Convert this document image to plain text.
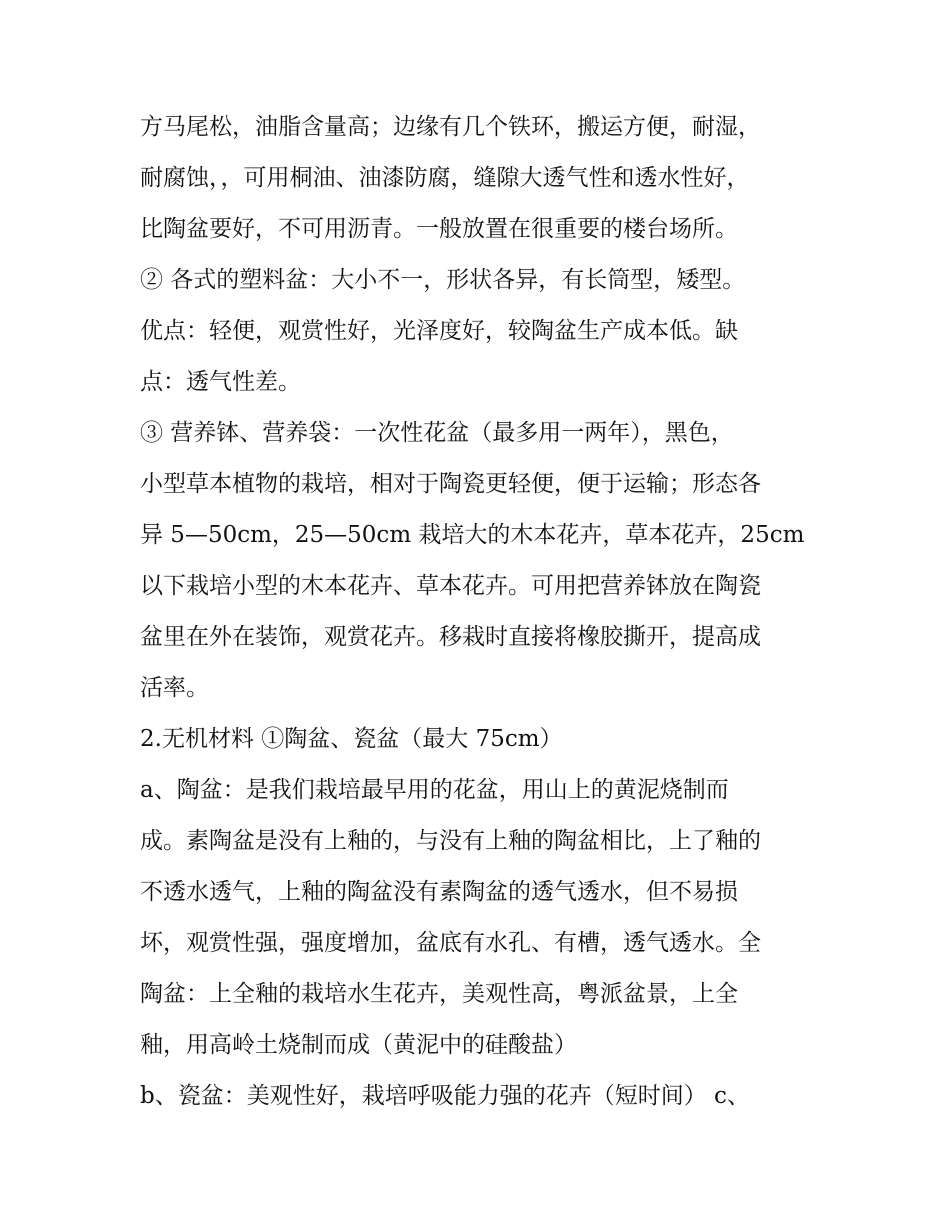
方马尾松，油脂含量高；边缘有几个铁环，搬运方便，耐湿，
耐腐蚀，，可用桐油、油漆防腐，缝隙大透气性和透水性好，
比陶盆要好，不可用沥青。一般放置在很重要的楼台场所。
② 各式的塑料盆：大小不一，形状各异，有长筒型，矮型。
优点：轻便，观赏性好，光泽度好，较陶盆生产成本低。缺
点：透气性差。
③ 营养钵、营养袋：一次性花盆（最多用一两年），黑色，
小型草本植物的栽培，相对于陶瓷更轻便，便于运输；形态各
异 5—50cm，25—50cm 栽培大的木本花卉，草本花卉，25cm
以下栽培小型的木本花卉、草本花卉。可用把营养钵放在陶瓷
盆里在外在装饰，观赏花卉。移栽时直接将橡胶撕开，提高成
活率。
2.无机材料 ①陶盆、瓷盆（最大 75cm）
a、陶盆：是我们栽培最早用的花盆，用山上的黄泥烧制而
成。素陶盆是没有上釉的，与没有上釉的陶盆相比，上了釉的
不透水透气，上釉的陶盆没有素陶盆的透气透水，但不易损
坏，观赏性强，强度增加，盆底有水孔、有槽，透气透水。全
陶盆：上全釉的栽培水生花卉，美观性高，粤派盆景，上全
釉，用高岭土烧制而成（黄泥中的硅酸盐）
b、瓷盆：美观性好，栽培呼吸能力强的花卉（短时间） c、
